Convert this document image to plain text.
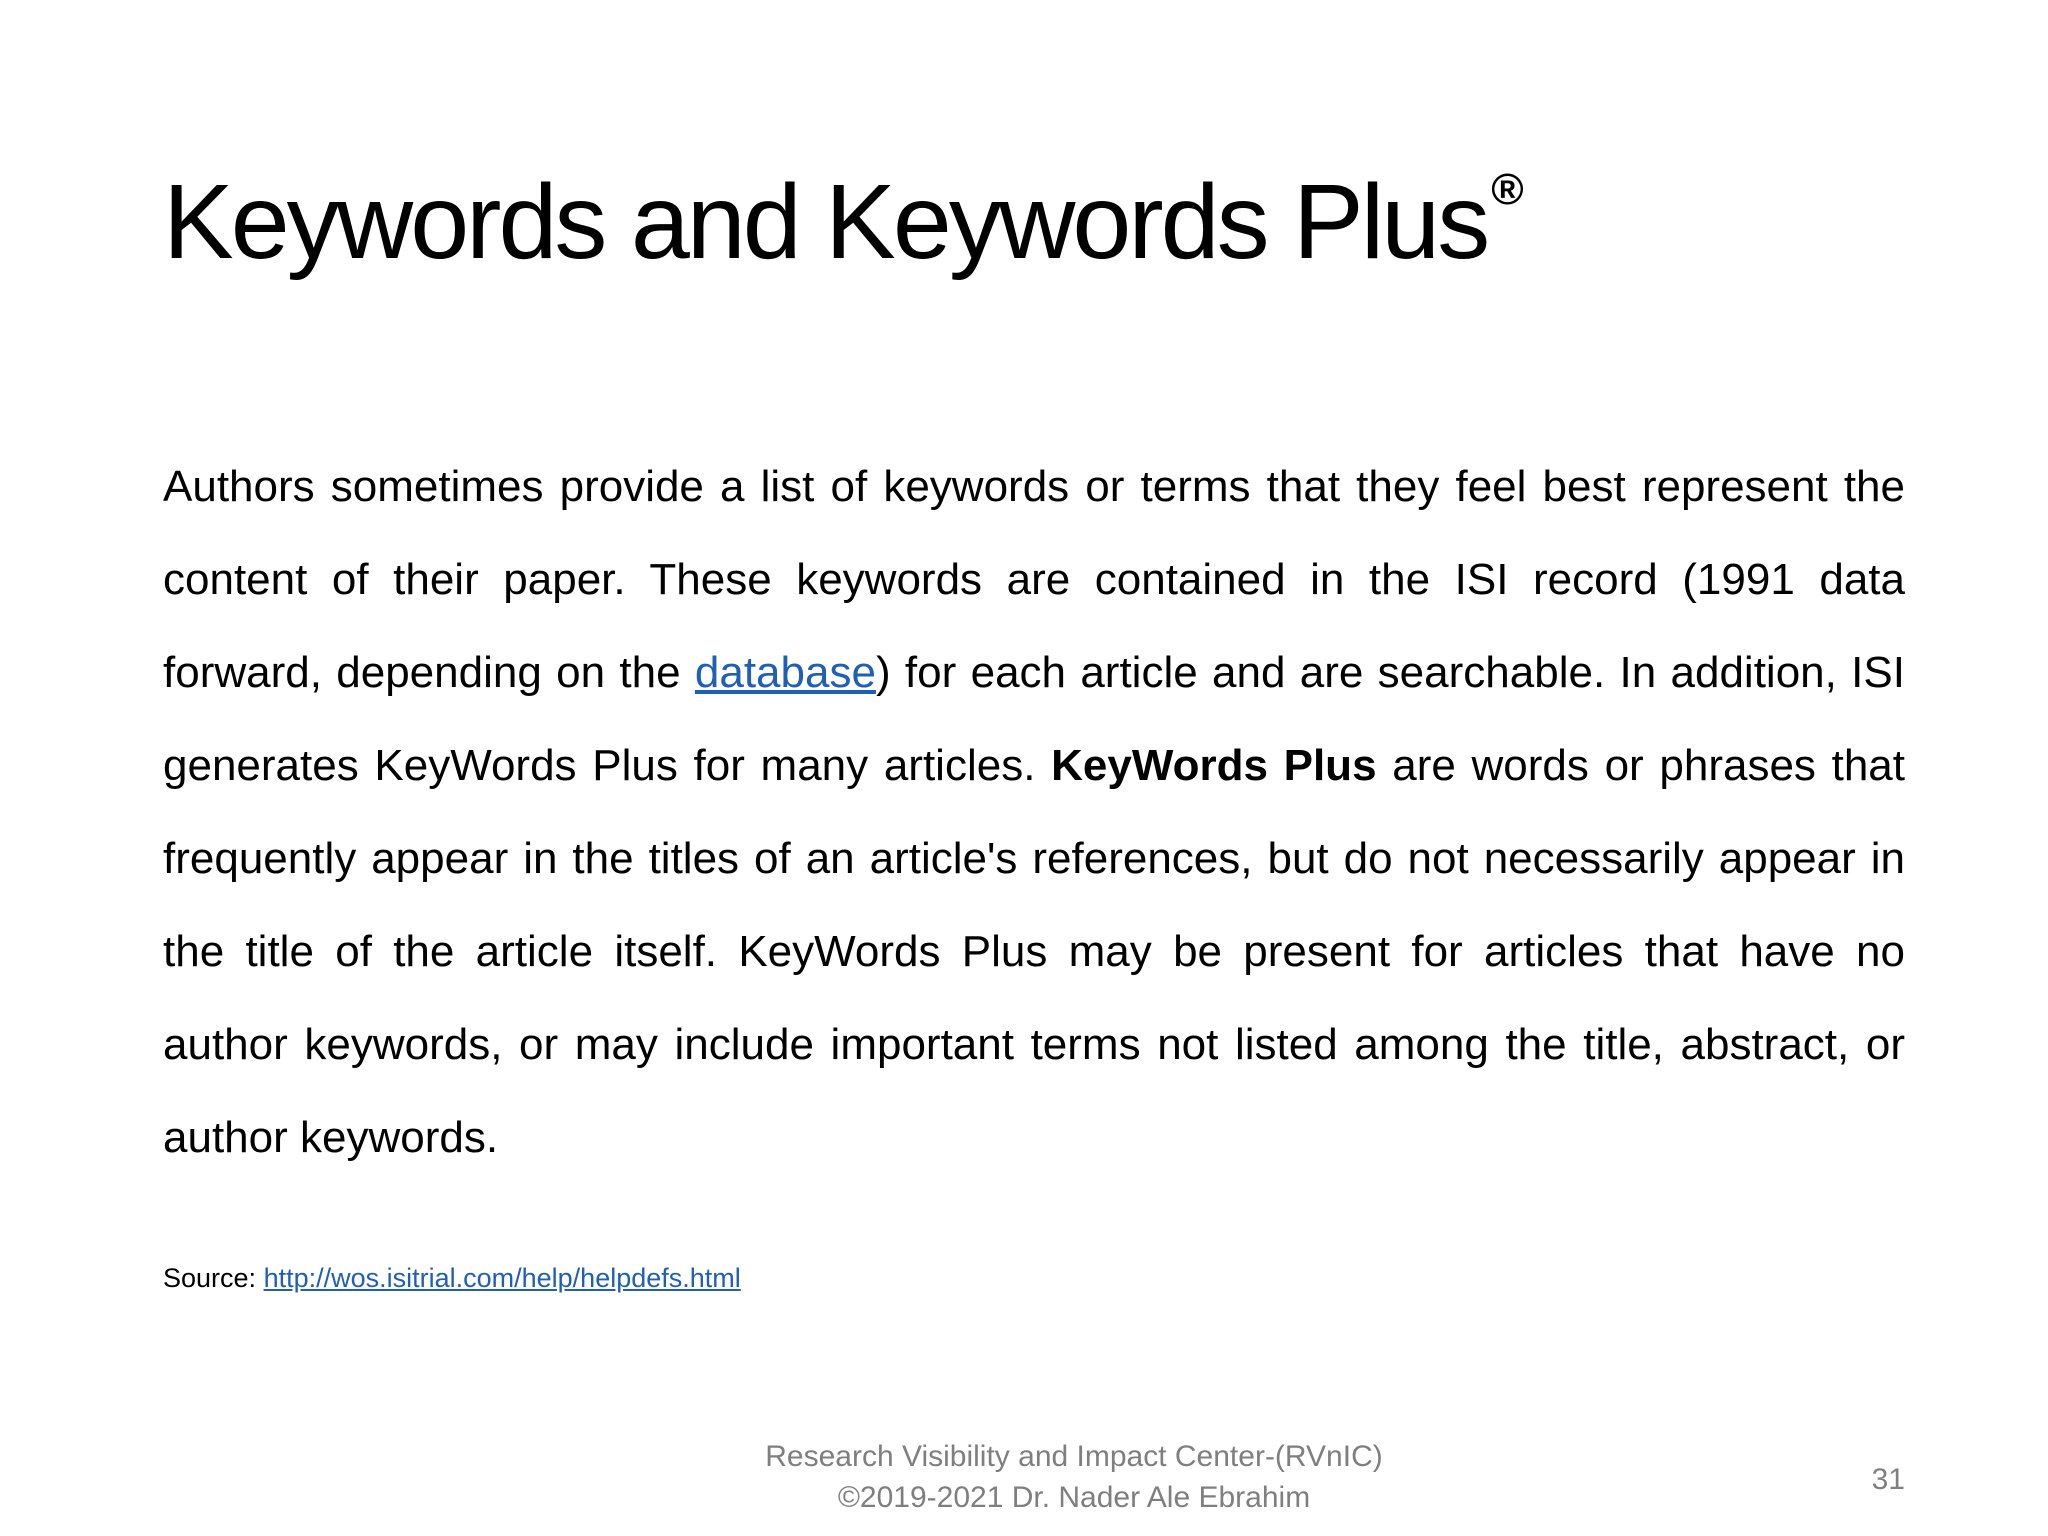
Keywords and Keywords Plus®

Authors sometimes provide a list of keywords or terms that they feel best represent the content of their paper. These keywords are contained in the ISI record (1991 data forward, depending on the database) for each article and are searchable. In addition, ISI generates KeyWords Plus for many articles. KeyWords Plus are words or phrases that frequently appear in the titles of an article's references, but do not necessarily appear in the title of the article itself. KeyWords Plus may be present for articles that have no author keywords, or may include important terms not listed among the title, abstract, or author keywords.

Source: http://wos.isitrial.com/help/helpdefs.html
Research Visibility and Impact Center-(RVnIC)
©2019-2021 Dr. Nader Ale Ebrahim
31
